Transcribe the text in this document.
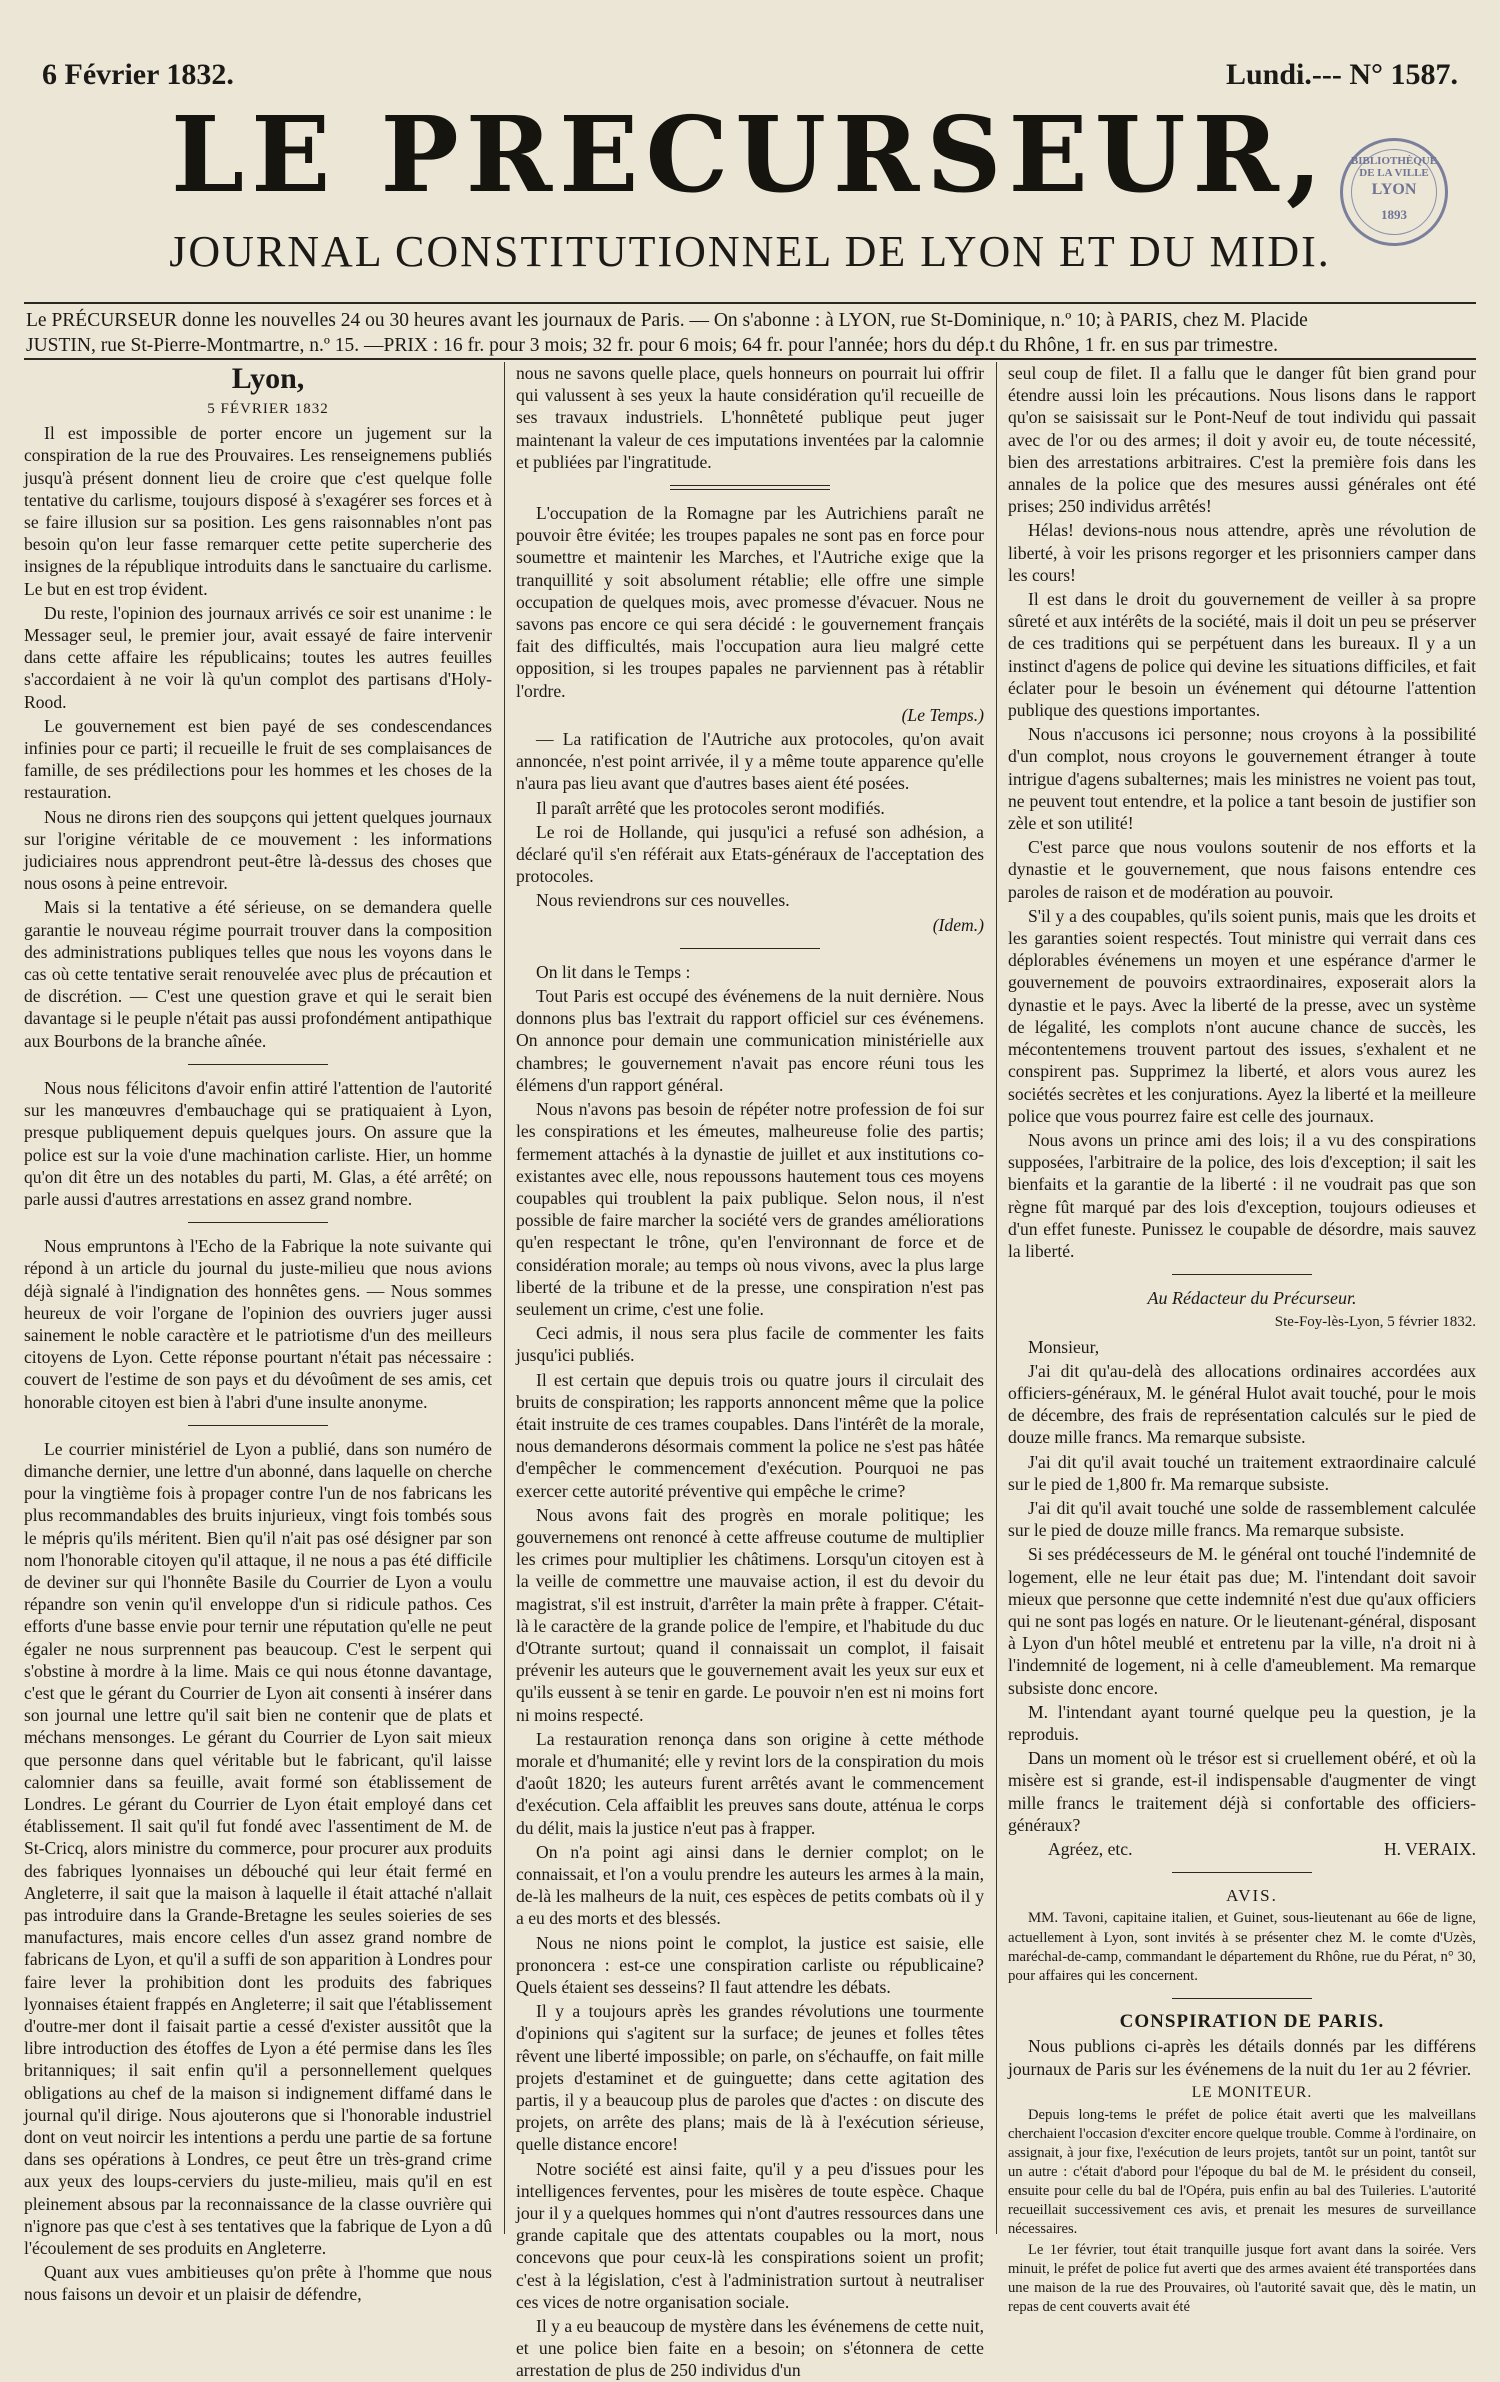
6 Février 1832.	Lundi.--- N° 1587.
LE PRECURSEUR,
JOURNAL CONSTITUTIONNEL DE LYON ET DU MIDI.
BIBLIOTHÈQUE DE LA VILLE
LYON
1893

Le PRÉCURSEUR donne les nouvelles 24 ou 30 heures avant les journaux de Paris. — On s'abonne : à LYON, rue St-Dominique, n.º 10; à PARIS, chez M. Placide

JUSTIN, rue St-Pierre-Montmartre, n.º 15. —PRIX : 16 fr. pour 3 mois; 32 fr. pour 6 mois; 64 fr. pour l'année; hors du dép.t du Rhône, 1 fr. en sus par trimestre.

Lyon,

5 FÉVRIER 1832

Il est impossible de porter encore un jugement sur la conspiration de la rue des Prouvaires. Les renseignemens publiés jusqu'à présent donnent lieu de croire que c'est quelque folle tentative du carlisme, toujours disposé à s'exagérer ses forces et à se faire illusion sur sa position. Les gens raisonnables n'ont pas besoin qu'on leur fasse remarquer cette petite supercherie des insignes de la république introduits dans le sanctuaire du carlisme. Le but en est trop évident.

Du reste, l'opinion des journaux arrivés ce soir est unanime : le Messager seul, le premier jour, avait essayé de faire intervenir dans cette affaire les républicains; toutes les autres feuilles s'accordaient à ne voir là qu'un complot des partisans d'Holy-Rood.

Le gouvernement est bien payé de ses condescendances infinies pour ce parti; il recueille le fruit de ses complaisances de famille, de ses prédilections pour les hommes et les choses de la restauration.

Nous ne dirons rien des soupçons qui jettent quelques journaux sur l'origine véritable de ce mouvement : les informations judiciaires nous apprendront peut-être là-dessus des choses que nous osons à peine entrevoir.

Mais si la tentative a été sérieuse, on se demandera quelle garantie le nouveau régime pourrait trouver dans la composition des administrations publiques telles que nous les voyons dans le cas où cette tentative serait renouvelée avec plus de précaution et de discrétion. — C'est une question grave et qui le serait bien davantage si le peuple n'était pas aussi profondément antipathique aux Bourbons de la branche aînée.

Nous nous félicitons d'avoir enfin attiré l'attention de l'autorité sur les manœuvres d'embauchage qui se pratiquaient à Lyon, presque publiquement depuis quelques jours. On assure que la police est sur la voie d'une machination carliste. Hier, un homme qu'on dit être un des notables du parti, M. Glas, a été arrêté; on parle aussi d'autres arrestations en assez grand nombre.

Nous empruntons à l'Echo de la Fabrique la note suivante qui répond à un article du journal du juste-milieu que nous avions déjà signalé à l'indignation des honnêtes gens. — Nous sommes heureux de voir l'organe de l'opinion des ouvriers juger aussi sainement le noble caractère et le patriotisme d'un des meilleurs citoyens de Lyon. Cette réponse pourtant n'était pas nécessaire : couvert de l'estime de son pays et du dévoûment de ses amis, cet honorable citoyen est bien à l'abri d'une insulte anonyme.

Le courrier ministériel de Lyon a publié, dans son numéro de dimanche dernier, une lettre d'un abonné, dans laquelle on cherche pour la vingtième fois à propager contre l'un de nos fabricans les plus recommandables des bruits injurieux, vingt fois tombés sous le mépris qu'ils méritent. Bien qu'il n'ait pas osé désigner par son nom l'honorable citoyen qu'il attaque, il ne nous a pas été difficile de deviner sur qui l'honnête Basile du Courrier de Lyon a voulu répandre son venin qu'il enveloppe d'un si ridicule pathos. Ces efforts d'une basse envie pour ternir une réputation qu'elle ne peut égaler ne nous surprennent pas beaucoup. C'est le serpent qui s'obstine à mordre à la lime. Mais ce qui nous étonne davantage, c'est que le gérant du Courrier de Lyon ait consenti à insérer dans son journal une lettre qu'il sait bien ne contenir que de plats et méchans mensonges. Le gérant du Courrier de Lyon sait mieux que personne dans quel véritable but le fabricant, qu'il laisse calomnier dans sa feuille, avait formé son établissement de Londres. Le gérant du Courrier de Lyon était employé dans cet établissement. Il sait qu'il fut fondé avec l'assentiment de M. de St-Cricq, alors ministre du commerce, pour procurer aux produits des fabriques lyonnaises un débouché qui leur était fermé en Angleterre, il sait que la maison à laquelle il était attaché n'allait pas introduire dans la Grande-Bretagne les seules soieries de ses manufactures, mais encore celles d'un assez grand nombre de fabricans de Lyon, et qu'il a suffi de son apparition à Londres pour faire lever la prohibition dont les produits des fabriques lyonnaises étaient frappés en Angleterre; il sait que l'établissement d'outre-mer dont il faisait partie a cessé d'exister aussitôt que la libre introduction des étoffes de Lyon a été permise dans les îles britanniques; il sait enfin qu'il a personnellement quelques obligations au chef de la maison si indignement diffamé dans le journal qu'il dirige. Nous ajouterons que si l'honorable industriel dont on veut noircir les intentions a perdu une partie de sa fortune dans ses opérations à Londres, ce peut être un très-grand crime aux yeux des loups-cerviers du juste-milieu, mais qu'il en est pleinement absous par la reconnaissance de la classe ouvrière qui n'ignore pas que c'est à ses tentatives que la fabrique de Lyon a dû l'écoulement de ses produits en Angleterre.

Quant aux vues ambitieuses qu'on prête à l'homme que nous nous faisons un devoir et un plaisir de défendre,

nous ne savons quelle place, quels honneurs on pourrait lui offrir qui valussent à ses yeux la haute considération qu'il recueille de ses travaux industriels. L'honnêteté publique peut juger maintenant la valeur de ces imputations inventées par la calomnie et publiées par l'ingratitude.

L'occupation de la Romagne par les Autrichiens paraît ne pouvoir être évitée; les troupes papales ne sont pas en force pour soumettre et maintenir les Marches, et l'Autriche exige que la tranquillité y soit absolument rétablie; elle offre une simple occupation de quelques mois, avec promesse d'évacuer. Nous ne savons pas encore ce qui sera décidé : le gouvernement français fait des difficultés, mais l'occupation aura lieu malgré cette opposition, si les troupes papales ne parviennent pas à rétablir l'ordre.

(Le Temps.)

— La ratification de l'Autriche aux protocoles, qu'on avait annoncée, n'est point arrivée, il y a même toute apparence qu'elle n'aura pas lieu avant que d'autres bases aient été posées.

Il paraît arrêté que les protocoles seront modifiés.

Le roi de Hollande, qui jusqu'ici a refusé son adhésion, a déclaré qu'il s'en référait aux Etats-généraux de l'acceptation des protocoles.

Nous reviendrons sur ces nouvelles.

(Idem.)

On lit dans le Temps :

Tout Paris est occupé des événemens de la nuit dernière. Nous donnons plus bas l'extrait du rapport officiel sur ces événemens. On annonce pour demain une communication ministérielle aux chambres; le gouvernement n'avait pas encore réuni tous les élémens d'un rapport général.

Nous n'avons pas besoin de répéter notre profession de foi sur les conspirations et les émeutes, malheureuse folie des partis; fermement attachés à la dynastie de juillet et aux institutions co-existantes avec elle, nous repoussons hautement tous ces moyens coupables qui troublent la paix publique. Selon nous, il n'est possible de faire marcher la société vers de grandes améliorations qu'en respectant le trône, qu'en l'environnant de force et de considération morale; au temps où nous vivons, avec la plus large liberté de la tribune et de la presse, une conspiration n'est pas seulement un crime, c'est une folie.

Ceci admis, il nous sera plus facile de commenter les faits jusqu'ici publiés.

Il est certain que depuis trois ou quatre jours il circulait des bruits de conspiration; les rapports annoncent même que la police était instruite de ces trames coupables. Dans l'intérêt de la morale, nous demanderons désormais comment la police ne s'est pas hâtée d'empêcher le commencement d'exécution. Pourquoi ne pas exercer cette autorité préventive qui empêche le crime?

Nous avons fait des progrès en morale politique; les gouvernemens ont renoncé à cette affreuse coutume de multiplier les crimes pour multiplier les châtimens. Lorsqu'un citoyen est à la veille de commettre une mauvaise action, il est du devoir du magistrat, s'il est instruit, d'arrêter la main prête à frapper. C'était-là le caractère de la grande police de l'empire, et l'habitude du duc d'Otrante surtout; quand il connaissait un complot, il faisait prévenir les auteurs que le gouvernement avait les yeux sur eux et qu'ils eussent à se tenir en garde. Le pouvoir n'en est ni moins fort ni moins respecté.

La restauration renonça dans son origine à cette méthode morale et d'humanité; elle y revint lors de la conspiration du mois d'août 1820; les auteurs furent arrêtés avant le commencement d'exécution. Cela affaiblit les preuves sans doute, atténua le corps du délit, mais la justice n'eut pas à frapper.

On n'a point agi ainsi dans le dernier complot; on le connaissait, et l'on a voulu prendre les auteurs les armes à la main, de-là les malheurs de la nuit, ces espèces de petits combats où il y a eu des morts et des blessés.

Nous ne nions point le complot, la justice est saisie, elle prononcera : est-ce une conspiration carliste ou républicaine? Quels étaient ses desseins? Il faut attendre les débats.

Il y a toujours après les grandes révolutions une tourmente d'opinions qui s'agitent sur la surface; de jeunes et folles têtes rêvent une liberté impossible; on parle, on s'échauffe, on fait mille projets d'estaminet et de guinguette; dans cette agitation des partis, il y a beaucoup plus de paroles que d'actes : on discute des projets, on arrête des plans; mais de là à l'exécution sérieuse, quelle distance encore!

Notre société est ainsi faite, qu'il y a peu d'issues pour les intelligences ferventes, pour les misères de toute espèce. Chaque jour il y a quelques hommes qui n'ont d'autres ressources dans une grande capitale que des attentats coupables ou la mort, nous concevons que pour ceux-là les conspirations soient un profit; c'est à la législation, c'est à l'administration surtout à neutraliser ces vices de notre organisation sociale.

Il y a eu beaucoup de mystère dans les événemens de cette nuit, et une police bien faite en a besoin; on s'étonnera de cette arrestation de plus de 250 individus d'un

seul coup de filet. Il a fallu que le danger fût bien grand pour étendre aussi loin les précautions. Nous lisons dans le rapport qu'on se saisissait sur le Pont-Neuf de tout individu qui passait avec de l'or ou des armes; il doit y avoir eu, de toute nécessité, bien des arrestations arbitraires. C'est la première fois dans les annales de la police que des mesures aussi générales ont été prises; 250 individus arrêtés!

Hélas! devions-nous nous attendre, après une révolution de liberté, à voir les prisons regorger et les prisonniers camper dans les cours!

Il est dans le droit du gouvernement de veiller à sa propre sûreté et aux intérêts de la société, mais il doit un peu se préserver de ces traditions qui se perpétuent dans les bureaux. Il y a un instinct d'agens de police qui devine les situations difficiles, et fait éclater pour le besoin un événement qui détourne l'attention publique des questions importantes.

Nous n'accusons ici personne; nous croyons à la possibilité d'un complot, nous croyons le gouvernement étranger à toute intrigue d'agens subalternes; mais les ministres ne voient pas tout, ne peuvent tout entendre, et la police a tant besoin de justifier son zèle et son utilité!

C'est parce que nous voulons soutenir de nos efforts et la dynastie et le gouvernement, que nous faisons entendre ces paroles de raison et de modération au pouvoir.

S'il y a des coupables, qu'ils soient punis, mais que les droits et les garanties soient respectés. Tout ministre qui verrait dans ces déplorables événemens un moyen et une espérance d'armer le gouvernement de pouvoirs extraordinaires, exposerait alors la dynastie et le pays. Avec la liberté de la presse, avec un système de légalité, les complots n'ont aucune chance de succès, les mécontentemens trouvent partout des issues, s'exhalent et ne conspirent pas. Supprimez la liberté, et alors vous aurez les sociétés secrètes et les conjurations. Ayez la liberté et la meilleure police que vous pourrez faire est celle des journaux.

Nous avons un prince ami des lois; il a vu des conspirations supposées, l'arbitraire de la police, des lois d'exception; il sait les bienfaits et la garantie de la liberté : il ne voudrait pas que son règne fût marqué par des lois d'exception, toujours odieuses et d'un effet funeste. Punissez le coupable de désordre, mais sauvez la liberté.

Au Rédacteur du Précurseur.

Ste-Foy-lès-Lyon, 5 février 1832.

Monsieur,

J'ai dit qu'au-delà des allocations ordinaires accordées aux officiers-généraux, M. le général Hulot avait touché, pour le mois de décembre, des frais de représentation calculés sur le pied de douze mille francs. Ma remarque subsiste.

J'ai dit qu'il avait touché un traitement extraordinaire calculé sur le pied de 1,800 fr. Ma remarque subsiste.

J'ai dit qu'il avait touché une solde de rassemblement calculée sur le pied de douze mille francs. Ma remarque subsiste.

Si ses prédécesseurs de M. le général ont touché l'indemnité de logement, elle ne leur était pas due; M. l'intendant doit savoir mieux que personne que cette indemnité n'est due qu'aux officiers qui ne sont pas logés en nature. Or le lieutenant-général, disposant à Lyon d'un hôtel meublé et entretenu par la ville, n'a droit ni à l'indemnité de logement, ni à celle d'ameublement. Ma remarque subsiste donc encore.

M. l'intendant ayant tourné quelque peu la question, je la reproduis.

Dans un moment où le trésor est si cruellement obéré, et où la misère est si grande, est-il indispensable d'augmenter de vingt mille francs le traitement déjà si confortable des officiers-généraux?

Agréez, etc.	H. VERAIX.

AVIS.

MM. Tavoni, capitaine italien, et Guinet, sous-lieutenant au 66e de ligne, actuellement à Lyon, sont invités à se présenter chez M. le comte d'Uzès, maréchal-de-camp, commandant le département du Rhône, rue du Pérat, n° 30, pour affaires qui les concernent.

CONSPIRATION DE PARIS.

Nous publions ci-après les détails donnés par les différens journaux de Paris sur les événemens de la nuit du 1er au 2 février.

LE MONITEUR.

Depuis long-tems le préfet de police était averti que les malveillans cherchaient l'occasion d'exciter encore quelque trouble. Comme à l'ordinaire, on assignait, à jour fixe, l'exécution de leurs projets, tantôt sur un point, tantôt sur un autre : c'était d'abord pour l'époque du bal de M. le président du conseil, ensuite pour celle du bal de l'Opéra, puis enfin au bal des Tuileries. L'autorité recueillait successivement ces avis, et prenait les mesures de surveillance nécessaires.

Le 1er février, tout était tranquille jusque fort avant dans la soirée. Vers minuit, le préfet de police fut averti que des armes avaient été transportées dans une maison de la rue des Prouvaires, où l'autorité savait que, dès le matin, un repas de cent couverts avait été
